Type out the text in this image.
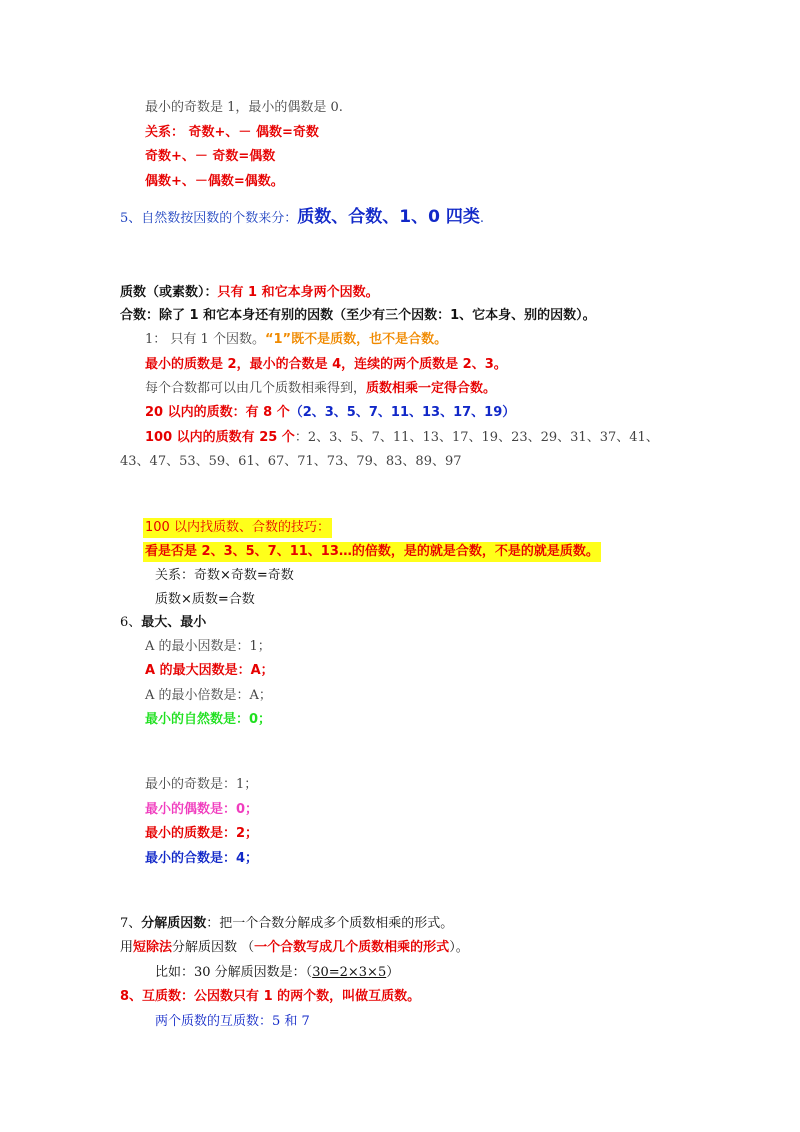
最小的奇数是 1，最小的偶数是 0.
关系： 奇数+、－ 偶数=奇数
奇数+、－ 奇数=偶数
偶数+、－偶数=偶数。
5、自然数按因数的个数来分：质数、合数、1、0 四类.
质数（或素数）：只有 1 和它本身两个因数。
合数：除了 1 和它本身还有别的因数（至少有三个因数：1、它本身、别的因数）。
1： 只有 1 个因数。“1”既不是质数，也不是合数。
最小的质数是 2，最小的合数是 4，连续的两个质数是 2、3。
每个合数都可以由几个质数相乘得到，质数相乘一定得合数。
20 以内的质数：有 8 个（2、3、5、7、11、13、17、19）
100 以内的质数有 25 个：2、3、5、7、11、13、17、19、23、29、31、37、41、
43、47、53、59、61、67、71、73、79、83、89、97
100 以内找质数、合数的技巧：
看是否是 2、3、5、7、11、13…的倍数，是的就是合数，不是的就是质数。
关系：奇数×奇数=奇数
质数×质数=合数
6、最大、最小
A 的最小因数是：1；
A 的最大因数是：A；
A 的最小倍数是：A；
最小的自然数是：0；
最小的奇数是：1；
最小的偶数是：0；
最小的质数是：2；
最小的合数是：4；
7、分解质因数：把一个合数分解成多个质数相乘的形式。
用短除法分解质因数 （一个合数写成几个质数相乘的形式）。
比如：30 分解质因数是：（30=2×3×5）
8、互质数：公因数只有 1 的两个数，叫做互质数。
两个质数的互质数：5 和 7
